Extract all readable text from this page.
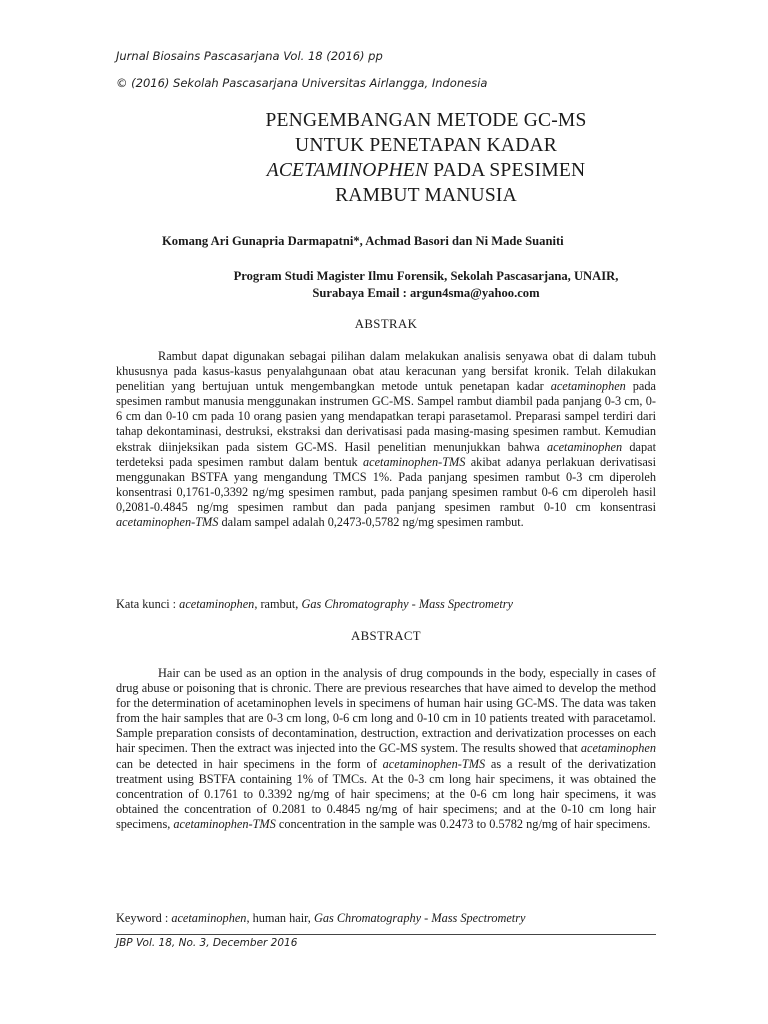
Jurnal Biosains Pascasarjana Vol. 18 (2016) pp
© (2016) Sekolah Pascasarjana Universitas Airlangga, Indonesia
PENGEMBANGAN METODE GC-MS
UNTUK PENETAPAN KADAR
ACETAMINOPHEN PADA SPESIMEN
RAMBUT MANUSIA
Komang Ari Gunapria Darmapatni*, Achmad Basori dan Ni Made Suaniti
Program Studi Magister Ilmu Forensik, Sekolah Pascasarjana, UNAIR,
Surabaya Email : argun4sma@yahoo.com
ABSTRAK

Rambut dapat digunakan sebagai pilihan dalam melakukan analisis senyawa obat di dalam tubuh khususnya pada kasus-kasus penyalahgunaan obat atau keracunan yang bersifat kronik. Telah dilakukan penelitian yang bertujuan untuk mengembangkan metode untuk penetapan kadar acetaminophen pada spesimen rambut manusia menggunakan instrumen GC-MS. Sampel rambut diambil pada panjang 0-3 cm, 0-6 cm dan 0-10 cm pada 10 orang pasien yang mendapatkan terapi parasetamol. Preparasi sampel terdiri dari tahap dekontaminasi, destruksi, ekstraksi dan derivatisasi pada masing-masing spesimen rambut. Kemudian ekstrak diinjeksikan pada sistem GC-MS. Hasil penelitian menunjukkan bahwa acetaminophen dapat terdeteksi pada spesimen rambut dalam bentuk acetaminophen-TMS akibat adanya perlakuan derivatisasi menggunakan BSTFA yang mengandung TMCS 1%. Pada panjang spesimen rambut 0-3 cm diperoleh konsentrasi 0,1761-0,3392 ng/mg spesimen rambut, pada panjang spesimen rambut 0-6 cm diperoleh hasil 0,2081-0.4845 ng/mg spesimen rambut dan pada panjang spesimen rambut 0-10 cm konsentrasi acetaminophen-TMS dalam sampel adalah 0,2473-0,5782 ng/mg spesimen rambut.

Kata kunci : acetaminophen, rambut, Gas Chromatography - Mass Spectrometry
ABSTRACT

Hair can be used as an option in the analysis of drug compounds in the body, especially in cases of drug abuse or poisoning that is chronic. There are previous researches that have aimed to develop the method for the determination of acetaminophen levels in specimens of human hair using GC-MS. The data was taken from the hair samples that are 0-3 cm long, 0-6 cm long and 0-10 cm in 10 patients treated with paracetamol. Sample preparation consists of decontamination, destruction, extraction and derivatization processes on each hair specimen. Then the extract was injected into the GC-MS system. The results showed that acetaminophen can be detected in hair specimens in the form of acetaminophen-TMS as a result of the derivatization treatment using BSTFA containing 1% of TMCs. At the 0-3 cm long hair specimens, it was obtained the concentration of 0.1761 to 0.3392 ng/mg of hair specimens; at the 0-6 cm long hair specimens, it was obtained the concentration of 0.2081 to 0.4845 ng/mg of hair specimens; and at the 0-10 cm long hair specimens, acetaminophen-TMS concentration in the sample was 0.2473 to 0.5782 ng/mg of hair specimens.

Keyword : acetaminophen, human hair, Gas Chromatography - Mass Spectrometry
JBP Vol. 18, No. 3, December 2016
